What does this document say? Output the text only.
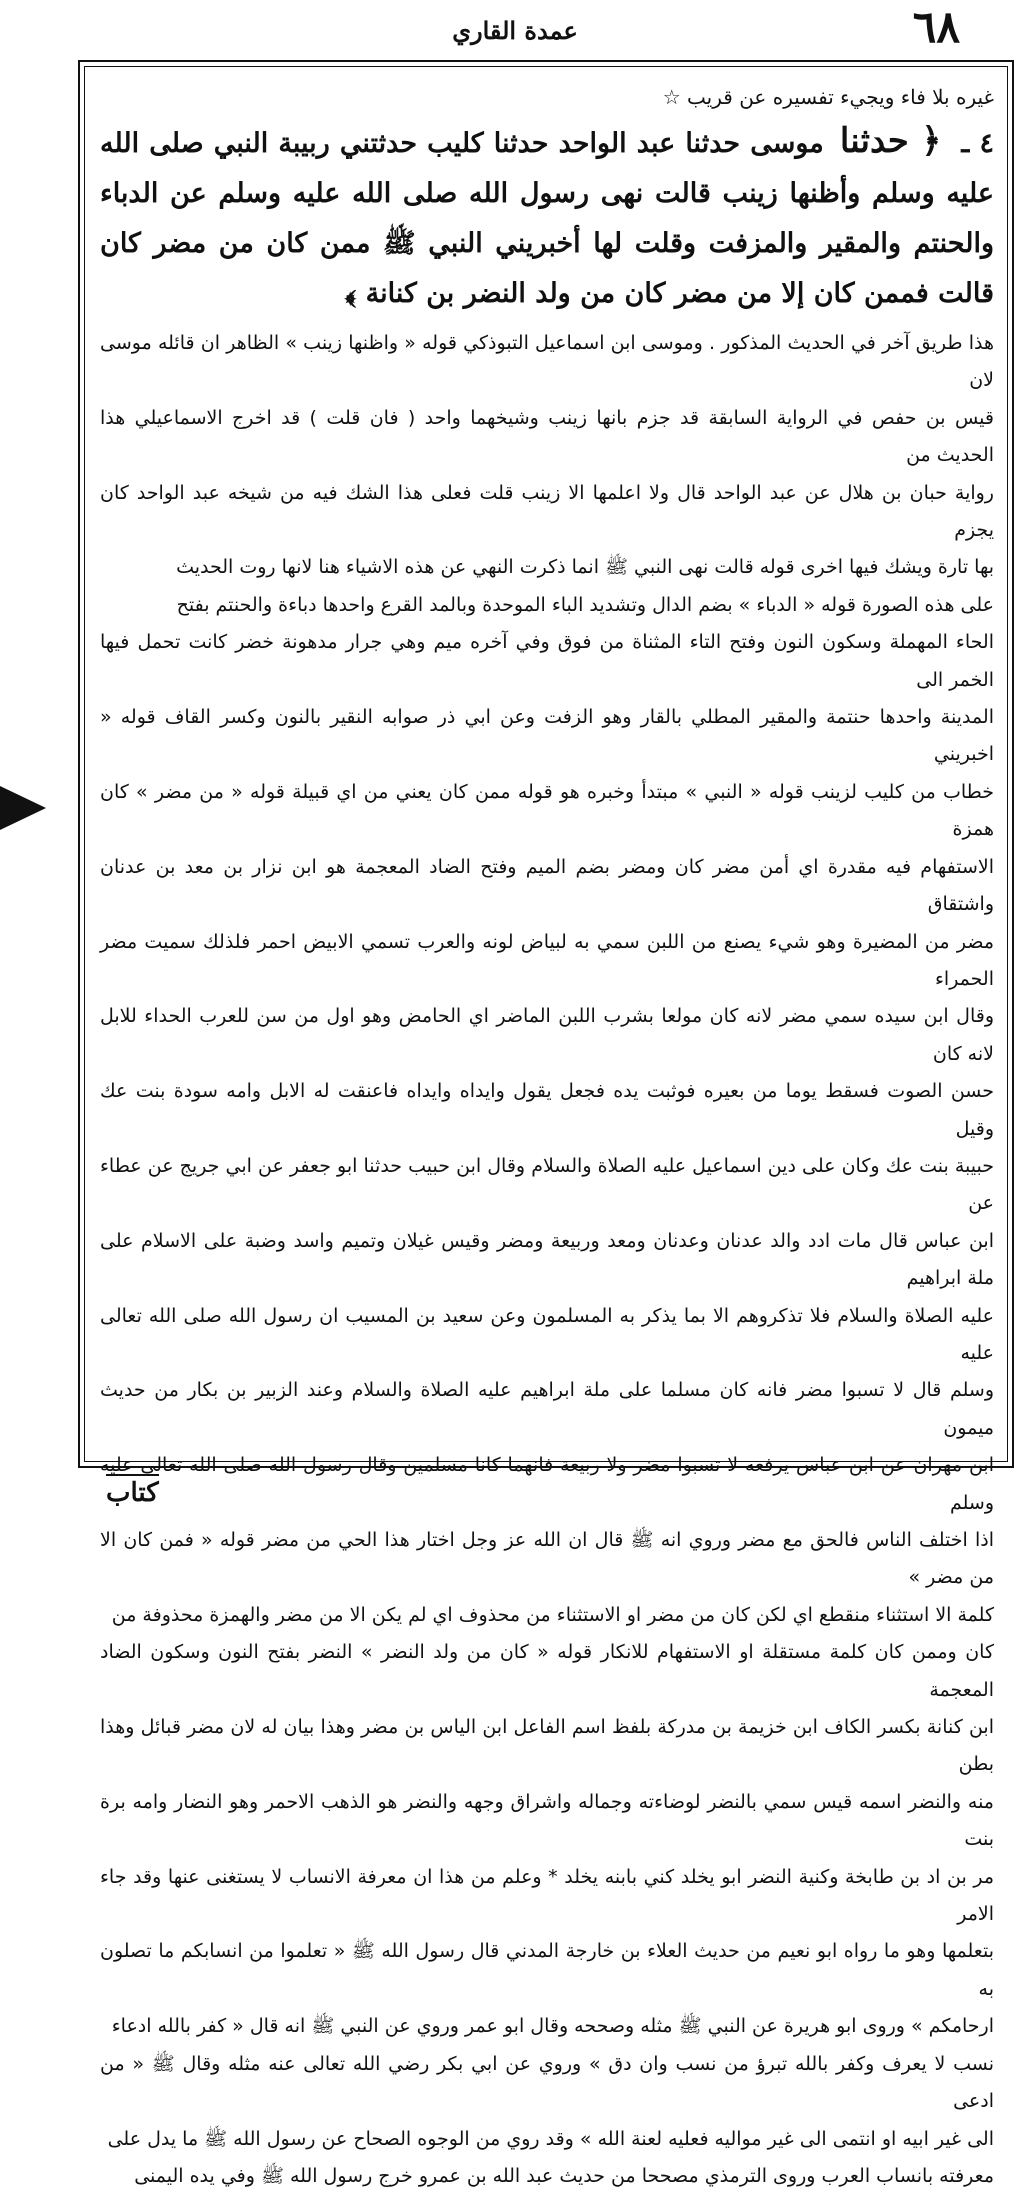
٦٨
عمدة القاري

غيره بلا فاء ويجيء تفسيره عن قريب ☆

٤ ـ ﴿ حدثنا موسى حدثنا عبد الواحد حدثنا كليب حدثتني ربيبة النبي صلى الله عليه وسلم وأظنها زينب قالت نهى رسول الله صلى الله عليه وسلم عن الدباء والحنتم والمقير والمزفت وقلت لها أخبريني النبي ﷺ ممن كان من مضر كان قالت فممن كان إلا من مضر كان من ولد النضر بن كنانة ﴾

هذا طريق آخر في الحديث المذكور . وموسى ابن اسماعيل التبوذكي قوله « واظنها زينب » الظاهر ان قائله موسى لان

قيس بن حفص في الرواية السابقة قد جزم بانها زينب وشيخهما واحد ( فان قلت ) قد اخرج الاسماعيلي هذا الحديث من

رواية حبان بن هلال عن عبد الواحد قال ولا اعلمها الا زينب قلت فعلى هذا الشك فيه من شيخه عبد الواحد كان يجزم

بها تارة ويشك فيها اخرى قوله قالت نهى النبي ﷺ انما ذكرت النهي عن هذه الاشياء هنا لانها روت الحديث

على هذه الصورة قوله « الدباء » بضم الدال وتشديد الباء الموحدة وبالمد القرع واحدها دباءة والحنتم بفتح

الحاء المهملة وسكون النون وفتح التاء المثناة من فوق وفي آخره ميم وهي جرار مدهونة خضر كانت تحمل فيها الخمر الى

المدينة واحدها حنتمة والمقير المطلي بالقار وهو الزفت وعن ابي ذر صوابه النقير بالنون وكسر القاف قوله « اخبريني

خطاب من كليب لزينب قوله « النبي » مبتدأ وخبره هو قوله ممن كان يعني من اي قبيلة قوله « من مضر » كان همزة

الاستفهام فيه مقدرة اي أمن مضر كان ومضر بضم الميم وفتح الضاد المعجمة هو ابن نزار بن معد بن عدنان واشتقاق

مضر من المضيرة وهو شيء يصنع من اللبن سمي به لبياض لونه والعرب تسمي الابيض احمر فلذلك سميت مضر الحمراء

وقال ابن سيده سمي مضر لانه كان مولعا بشرب اللبن الماضر اي الحامض وهو اول من سن للعرب الحداء للابل لانه كان

حسن الصوت فسقط يوما من بعيره فوثبت يده فجعل يقول وايداه وايداه فاعنقت له الابل وامه سودة بنت عك وقيل

حبيبة بنت عك وكان على دين اسماعيل عليه الصلاة والسلام وقال ابن حبيب حدثنا ابو جعفر عن ابي جريج عن عطاء عن

ابن عباس قال مات ادد والد عدنان وعدنان ومعد وربيعة ومضر وقيس غيلان وتميم واسد وضبة على الاسلام على ملة ابراهيم

عليه الصلاة والسلام فلا تذكروهم الا بما يذكر به المسلمون وعن سعيد بن المسيب ان رسول الله صلى الله تعالى عليه

وسلم قال لا تسبوا مضر فانه كان مسلما على ملة ابراهيم عليه الصلاة والسلام وعند الزبير بن بكار من حديث ميمون

ابن مهران عن ابن عباس يرفعه لا تسبوا مضر ولا ربيعة فانهما كانا مسلمين وقال رسول الله صلى الله تعالى عليه وسلم

اذا اختلف الناس فالحق مع مضر وروي انه ﷺ قال ان الله عز وجل اختار هذا الحي من مضر قوله « فمن كان الا من مضر »

كلمة الا استثناء منقطع اي لكن كان من مضر او الاستثناء من محذوف اي لم يكن الا من مضر والهمزة محذوفة من

كان وممن كان كلمة مستقلة او الاستفهام للانكار قوله « كان من ولد النضر » النضر بفتح النون وسكون الضاد المعجمة

ابن كنانة بكسر الكاف ابن خزيمة بن مدركة بلفظ اسم الفاعل ابن الياس بن مضر وهذا بيان له لان مضر قبائل وهذا بطن

منه والنضر اسمه قيس سمي بالنضر لوضاءته وجماله واشراق وجهه والنضر هو الذهب الاحمر وهو النضار وامه برة بنت

مر بن اد بن طابخة وكنية النضر ابو يخلد كني بابنه يخلد * وعلم من هذا ان معرفة الانساب لا يستغنى عنها وقد جاء الامر

بتعلمها وهو ما رواه ابو نعيم من حديث العلاء بن خارجة المدني قال رسول الله ﷺ « تعلموا من انسابكم ما تصلون به

ارحامكم » وروى ابو هريرة عن النبي ﷺ مثله وصححه وقال ابو عمر وروي عن النبي ﷺ انه قال « كفر بالله ادعاء

نسب لا يعرف وكفر بالله تبرؤ من نسب وان دق » وروي عن ابي بكر رضي الله تعالى عنه مثله وقال ﷺ « من ادعى

الى غير ابيه او انتمى الى غير مواليه فعليه لعنة الله » وقد روي من الوجوه الصحاح عن رسول الله ﷺ ما يدل على

معرفته بانساب العرب وروى الترمذي مصححا من حديث عبد الله بن عمرو خرج رسول الله ﷺ وفي يده اليمنى

كتاب
